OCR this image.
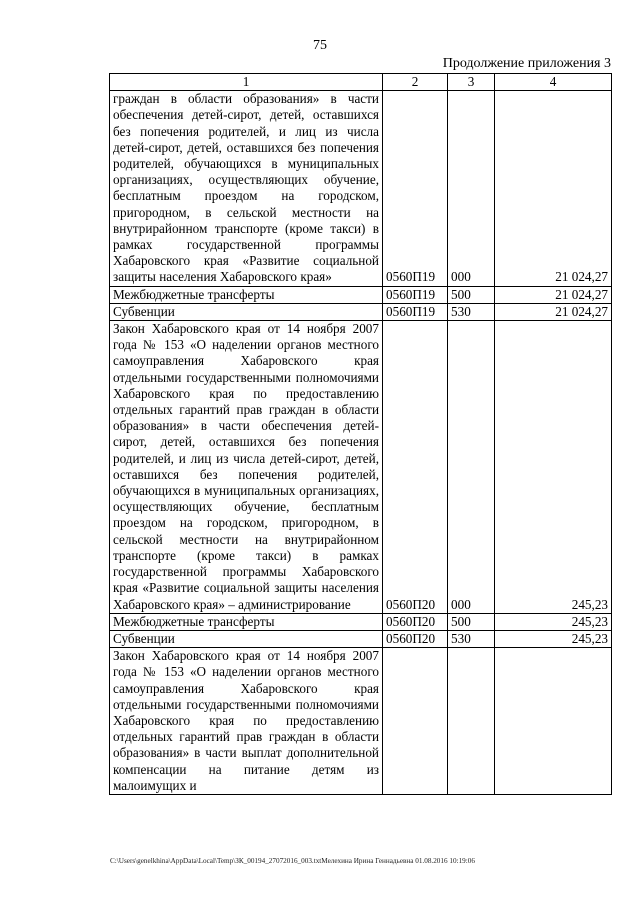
75
Продолжение приложения 3
1	2	3	4
граждан в области образования» в части обеспечения детей-сирот, детей, оставшихся без попечения родителей, и лиц из числа детей-сирот, детей, оставшихся без попечения родителей, обучающихся в муниципальных организациях, осуществляющих обучение, бесплатным проездом на городском, пригородном, в сельской местности на внутрирайонном транспорте (кроме такси) в рамках государственной программы Хабаровского края «Развитие социальной защиты населения Хабаровского края»	0560П19	000	21 024,27
Межбюджетные трансферты	0560П19	500	21 024,27
Субвенции	0560П19	530	21 024,27
Закон Хабаровского края от 14 ноября 2007 года № 153 «О наделении органов местного самоуправления Хабаровского края отдельными государственными полномочиями Хабаровского края по предоставлению отдельных гарантий прав граждан в области образования» в части обеспечения детей-сирот, детей, оставшихся без попечения родителей, и лиц из числа детей-сирот, детей, оставшихся без попечения родителей, обучающихся в муниципальных организациях, осуществляющих обучение, бесплатным проездом на городском, пригородном, в сельской местности на внутрирайонном транспорте (кроме такси) в рамках государственной программы Хабаровского края «Развитие социальной защиты населения Хабаровского края» – администрирование	0560П20	000	245,23
Межбюджетные трансферты	0560П20	500	245,23
Субвенции	0560П20	530	245,23
Закон Хабаровского края от 14 ноября 2007 года № 153 «О наделении органов местного самоуправления Хабаровского края отдельными государственными полномочиями Хабаровского края по предоставлению отдельных гарантий прав граждан в области образования» в части выплат дополнительной компенсации на питание детям из малоимущих и			
C:\Users\genelkhina\AppData\Local\Temp\ЗК_00194_27072016_003.txtМелехина Ирина Геннадьевна 01.08.2016 10:19:06
